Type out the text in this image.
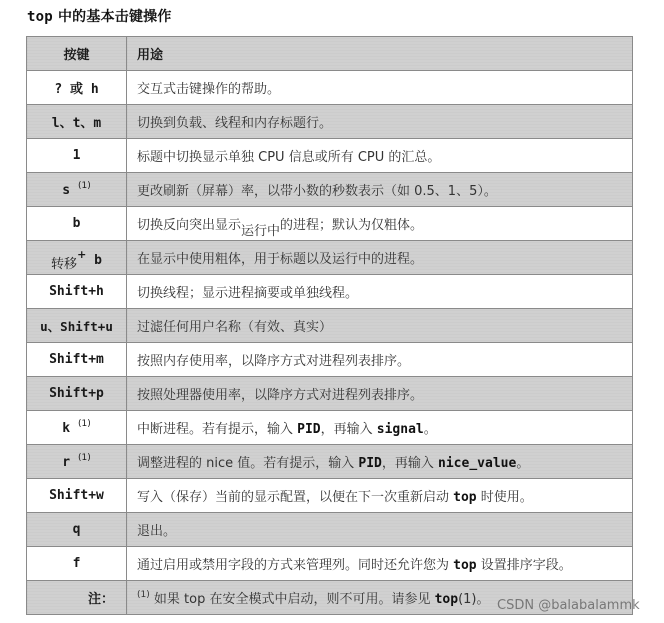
top 中的基本击键操作
按键	用途
? 或 h	交互式击键操作的帮助。
l、t、m	切换到负载、线程和内存标题行。
1	标题中切换显示单独 CPU 信息或所有 CPU 的汇总。
s $^{(1)}$	更改刷新（屏幕）率，以带小数的秒数表示（如 0.5、1、5）。
b	切换反向突出显示运行中的进程；默认为仅粗体。
转移+ b	在显示中使用粗体，用于标题以及运行中的进程。
Shift+h	切换线程；显示进程摘要或单独线程。
u、Shift+u	过滤任何用户名称（有效、真实）
Shift+m	按照内存使用率，以降序方式对进程列表排序。
Shift+p	按照处理器使用率，以降序方式对进程列表排序。
k $^{(1)}$	中断进程。若有提示，输入 PID，再输入 signal。
r $^{(1)}$	调整进程的 nice 值。若有提示，输入 PID，再输入 nice_value。
Shift+w	写入（保存）当前的显示配置，以便在下一次重新启动 top 时使用。
q	退出。
f	通过启用或禁用字段的方式来管理列。同时还允许您为 top 设置排序字段。
注：	$^{(1)}$ 如果 top 在安全模式中启动，则不可用。请参见 top(1)。 CSDN @balabalammk
